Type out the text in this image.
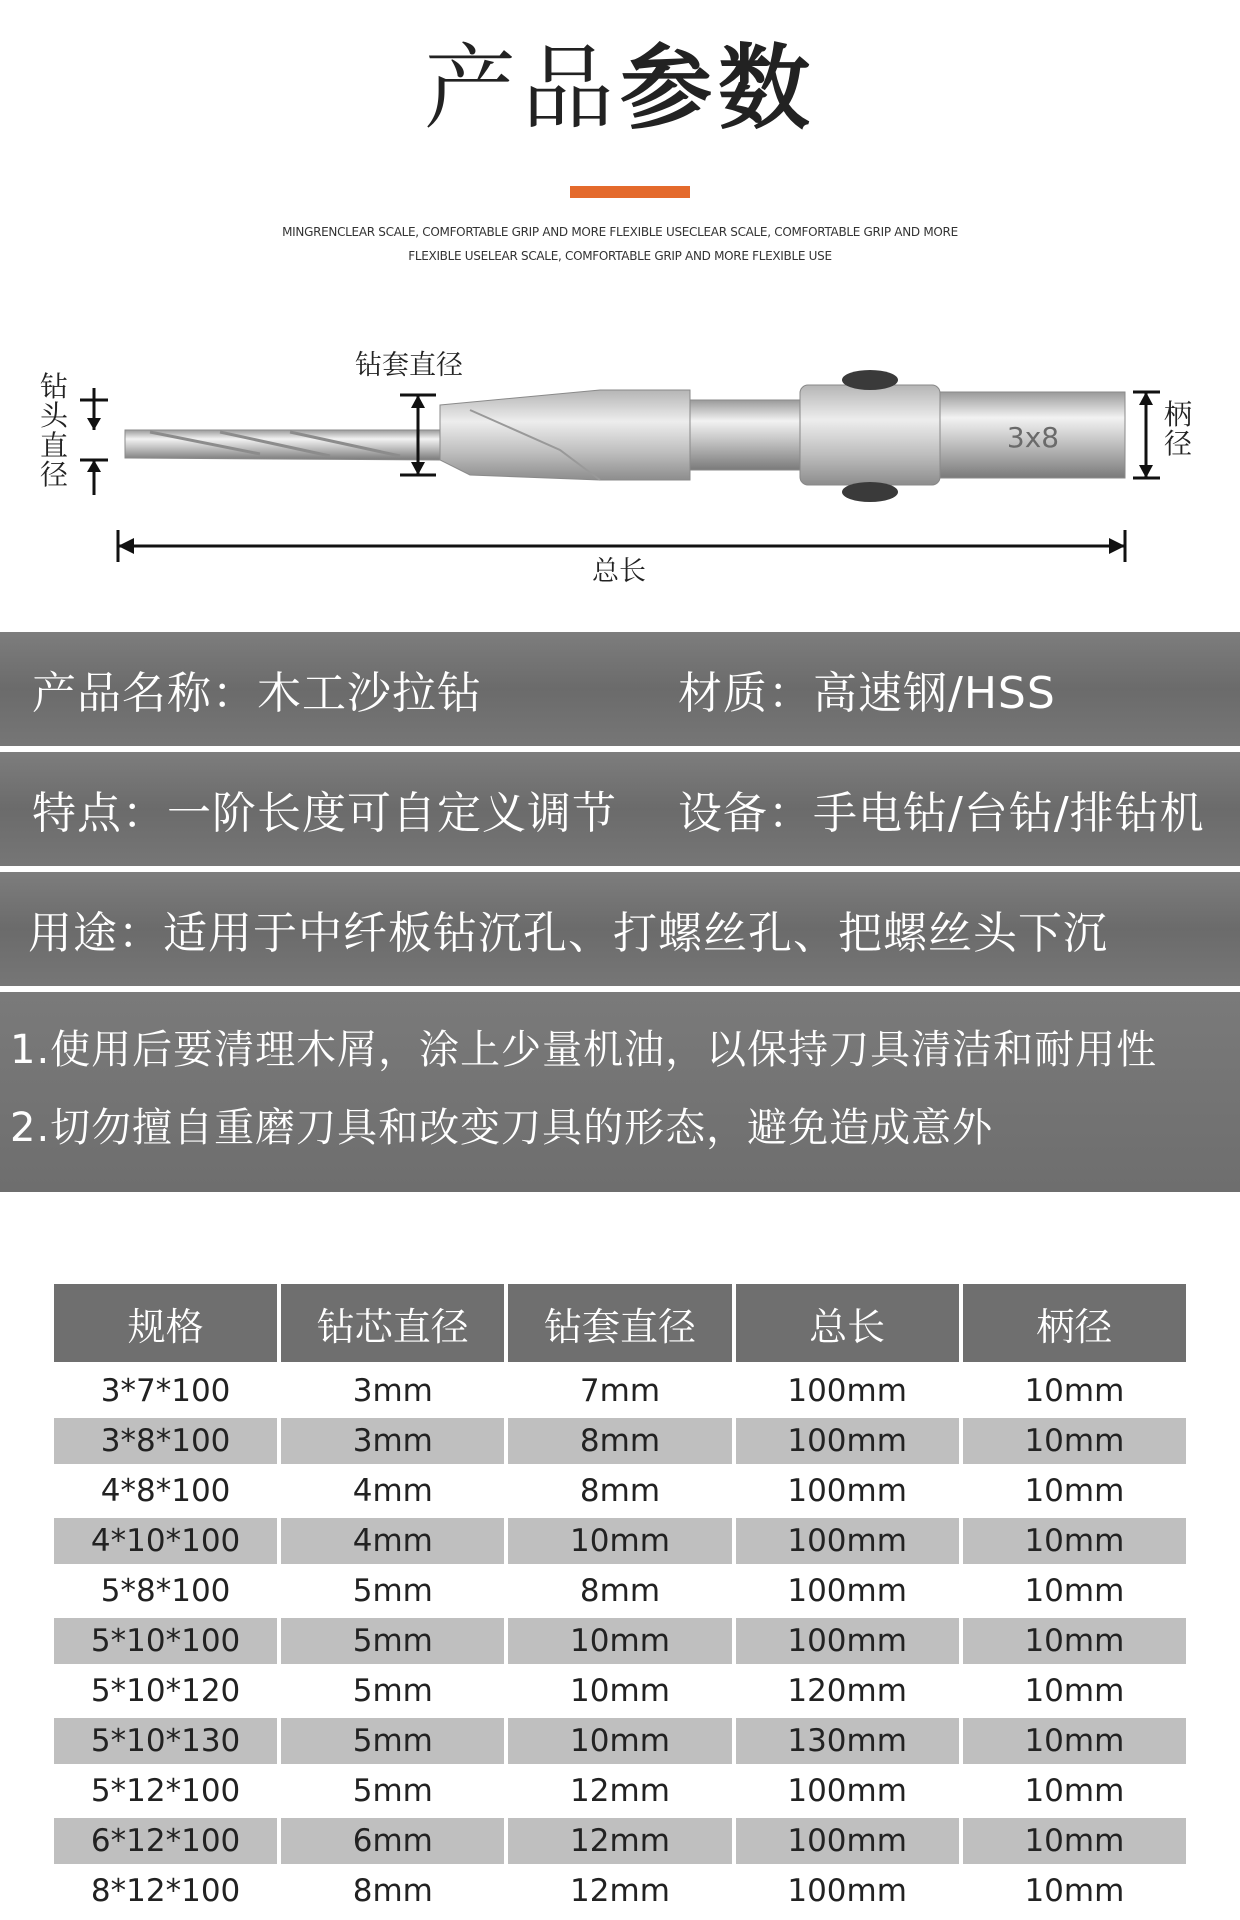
产品参数
MINGRENCLEAR SCALE, COMFORTABLE GRIP AND MORE FLEXIBLE USECLEAR SCALE, COMFORTABLE GRIP AND MORE
FLEXIBLE USELEAR SCALE, COMFORTABLE GRIP AND MORE FLEXIBLE USE
3x8
钻
头
直
径
钻套直径
柄
径
总长
产品名称：木工沙拉钻	材质：高速钢/HSS
特点：一阶长度可自定义调节 设备：手电钻/台钻/排钻机
用途：适用于中纤板钻沉孔、打螺丝孔、把螺丝头下沉
1.使用后要清理木屑，涂上少量机油，以保持刀具清洁和耐用性
2.切勿擅自重磨刀具和改变刀具的形态，避免造成意外
规格	钻芯直径	钻套直径	总长	柄径
3*7*100	3mm	7mm	100mm	10mm
3*8*100	3mm	8mm	100mm	10mm
4*8*100	4mm	8mm	100mm	10mm
4*10*100	4mm	10mm	100mm	10mm
5*8*100	5mm	8mm	100mm	10mm
5*10*100	5mm	10mm	100mm	10mm
5*10*120	5mm	10mm	120mm	10mm
5*10*130	5mm	10mm	130mm	10mm
5*12*100	5mm	12mm	100mm	10mm
6*12*100	6mm	12mm	100mm	10mm
8*12*100	8mm	12mm	100mm	10mm
